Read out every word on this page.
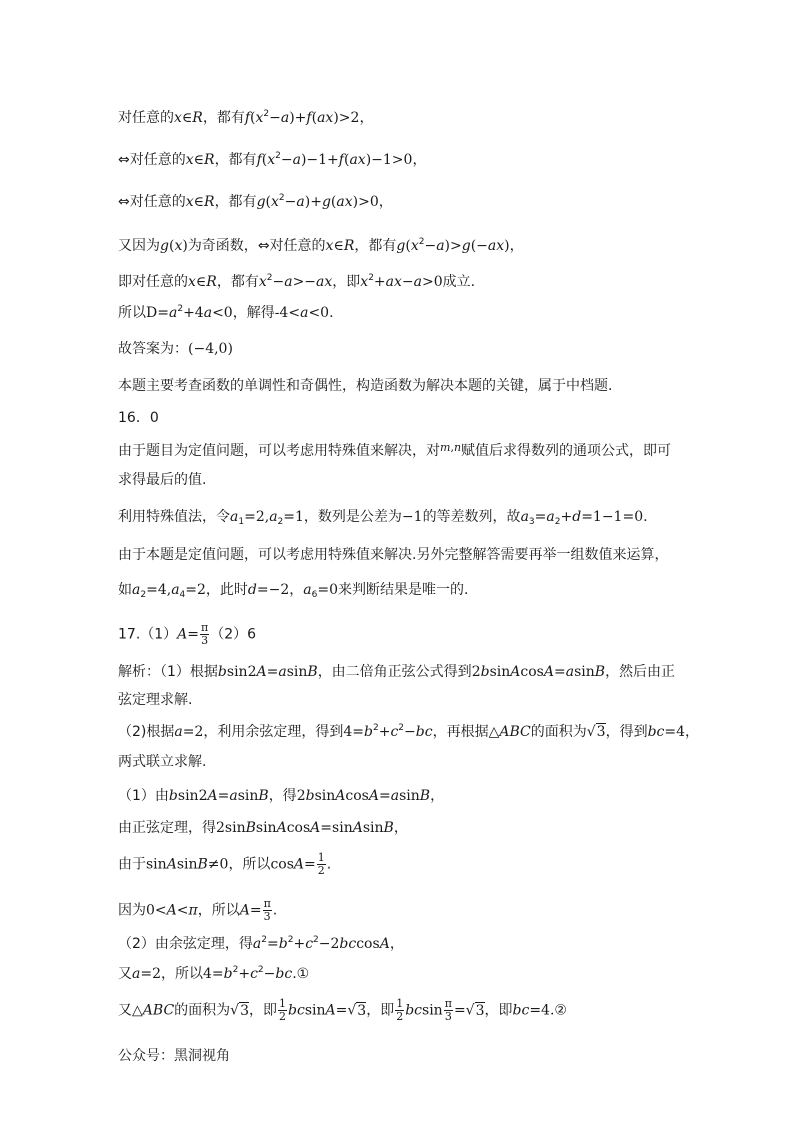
对任意的x∈R，都有$f(x^2-a)+f(ax)>2$，
⇔对任意的x∈R，都有$f(x^2-a)-1+f(ax)-1>0$，
⇔对任意的x∈R，都有$g(x^2-a)+g(ax)>0$，
又因为g(x)为奇函数，⇔对任意的x∈R，都有$g(x^2-a)>g(-ax)$，
即对任意的x∈R，都有$x^2-a>-ax$，即$x^2+ax-a>0$成立.
所以$D=a^2+4a<0$，解得-4<a<0.
故答案为：(−4,0)
本题主要考查函数的单调性和奇偶性，构造函数为解决本题的关键，属于中档题.
16．0
由于题目为定值问题，可以考虑用特殊值来解决，对$^{m,n}$赋值后求得数列的通项公式，即可
求得最后的值.
利用特殊值法，令$a_1=2,a_2=1$，数列是公差为−1的等差数列，故$a_3=a_2+d=1-1=0$.
由于本题是定值问题，可以考虑用特殊值来解决.另外完整解答需要再举一组数值来运算，
如$a_2=4,a_4=2$，此时d=−2，$a_6=0$来判断结果是唯一的.
$17.(1)A= \frac{\pi}{3} (2)6$
解析：（1）根据bsin2A=asinB，由二倍角正弦公式得到2bsinAcosA=asinB，然后由正
弦定理求解.
（2)根据a=2，利用余弦定理，得到$4=b^2+c^2-bc$，再根据△ABC的面积为√3，得到bc=4，
两式联立求解.
（1）由bsin2A=asinB，得2bsinAcosA=asinB，
由正弦定理，得2sinBsinAcosA=sinAsinB，
由于sinAsinB≠0，所以$\cos A= \frac{1}{2}$ .
因为0<A<π，所以$A= \frac{\pi}{3}$ .
（2）由余弦定理，得$a^2=b^2+c^2-2bccosA$，
又a=2，所以$4=b^2+c^2-bc.①$
又△ABC的面积为√3，即 $\frac{1}{2} bcsinA=√3$，即 $\frac{1}{2}$ bcsin $\frac{\pi}{3} =√3$，即bc=4.②
公众号：黑洞视角
